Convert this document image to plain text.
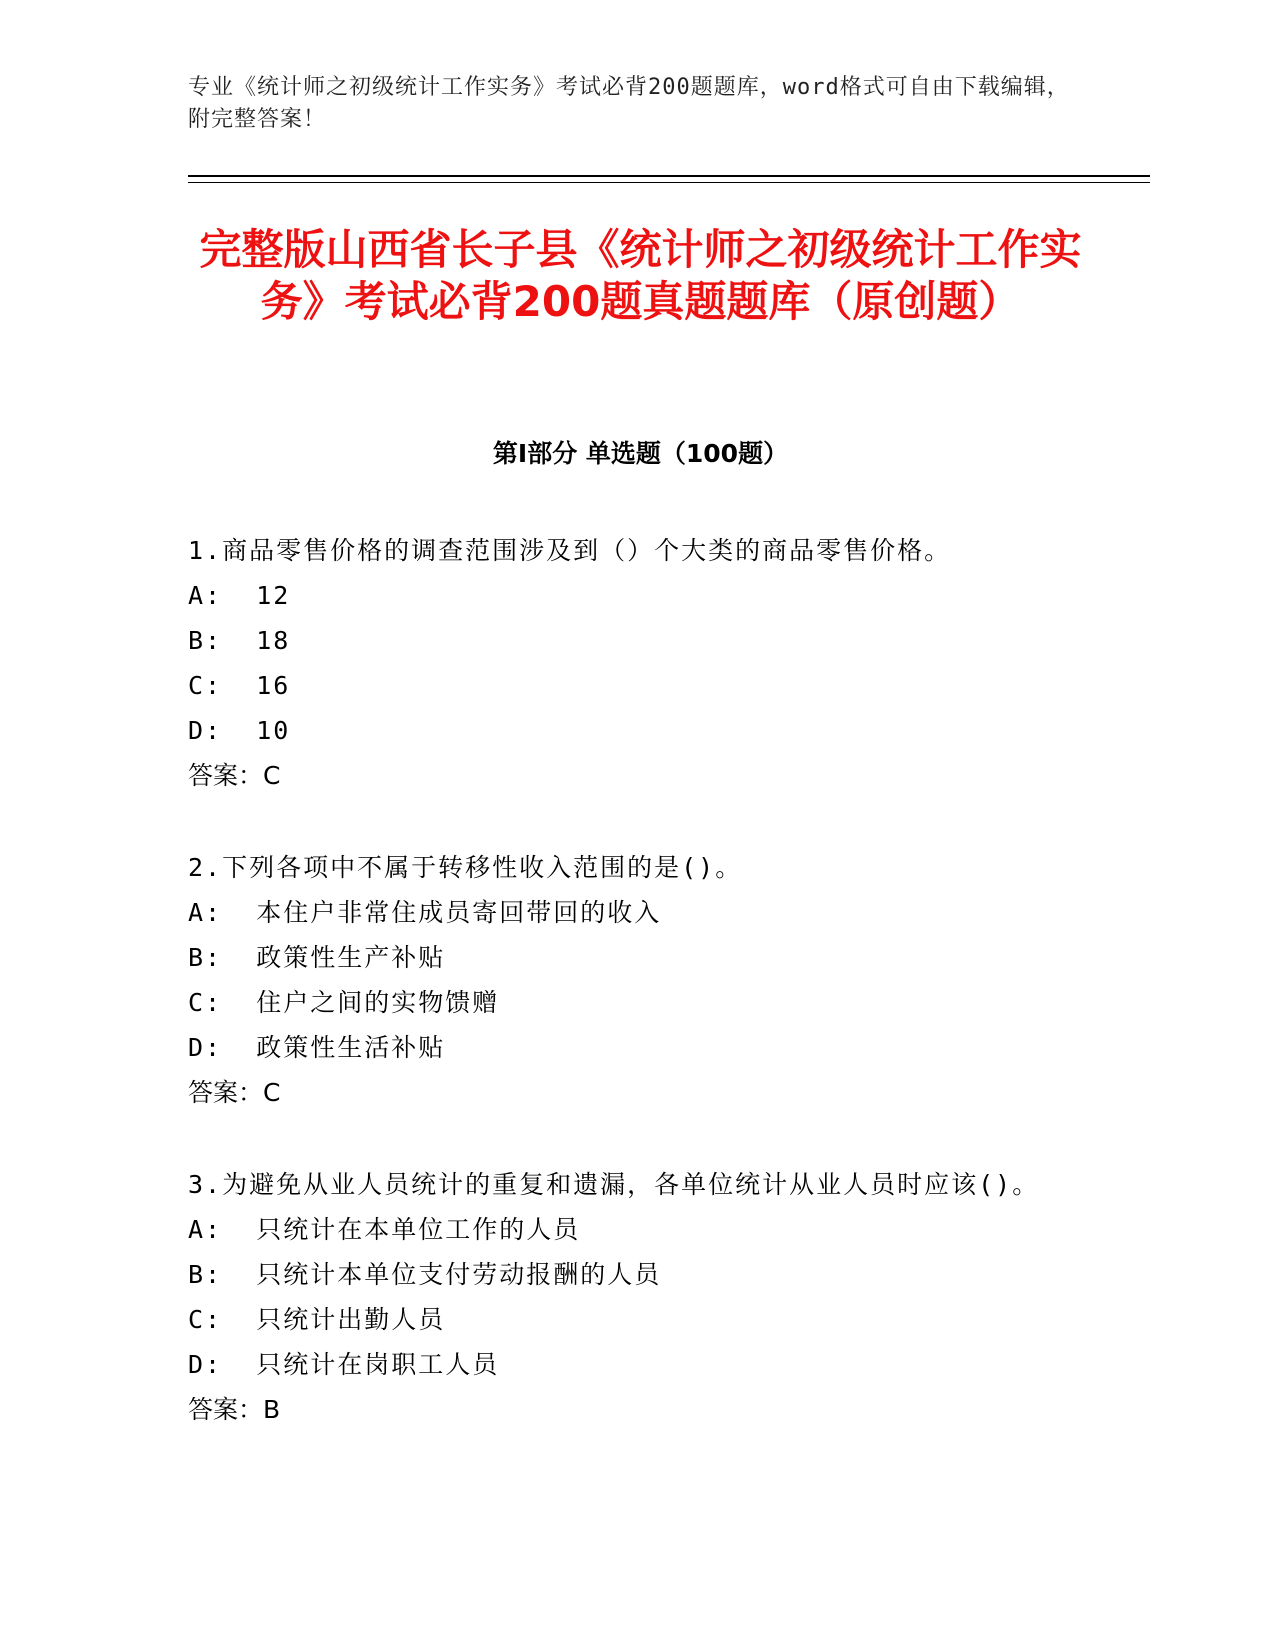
专业《统计师之初级统计工作实务》考试必背200题题库，word格式可自由下载编辑，附完整答案！
完整版山西省长子县《统计师之初级统计工作实务》考试必背200题真题题库（原创题）
第I部分 单选题（100题）
1.商品零售价格的调查范围涉及到（）个大类的商品零售价格。
A:  12
B:  18
C:  16
D:  10
答案：C
2.下列各项中不属于转移性收入范围的是()。
A:  本住户非常住成员寄回带回的收入
B:  政策性生产补贴
C:  住户之间的实物馈赠
D:  政策性生活补贴
答案：C
3.为避免从业人员统计的重复和遗漏，各单位统计从业人员时应该()。
A:  只统计在本单位工作的人员
B:  只统计本单位支付劳动报酬的人员
C:  只统计出勤人员
D:  只统计在岗职工人员
答案：B
